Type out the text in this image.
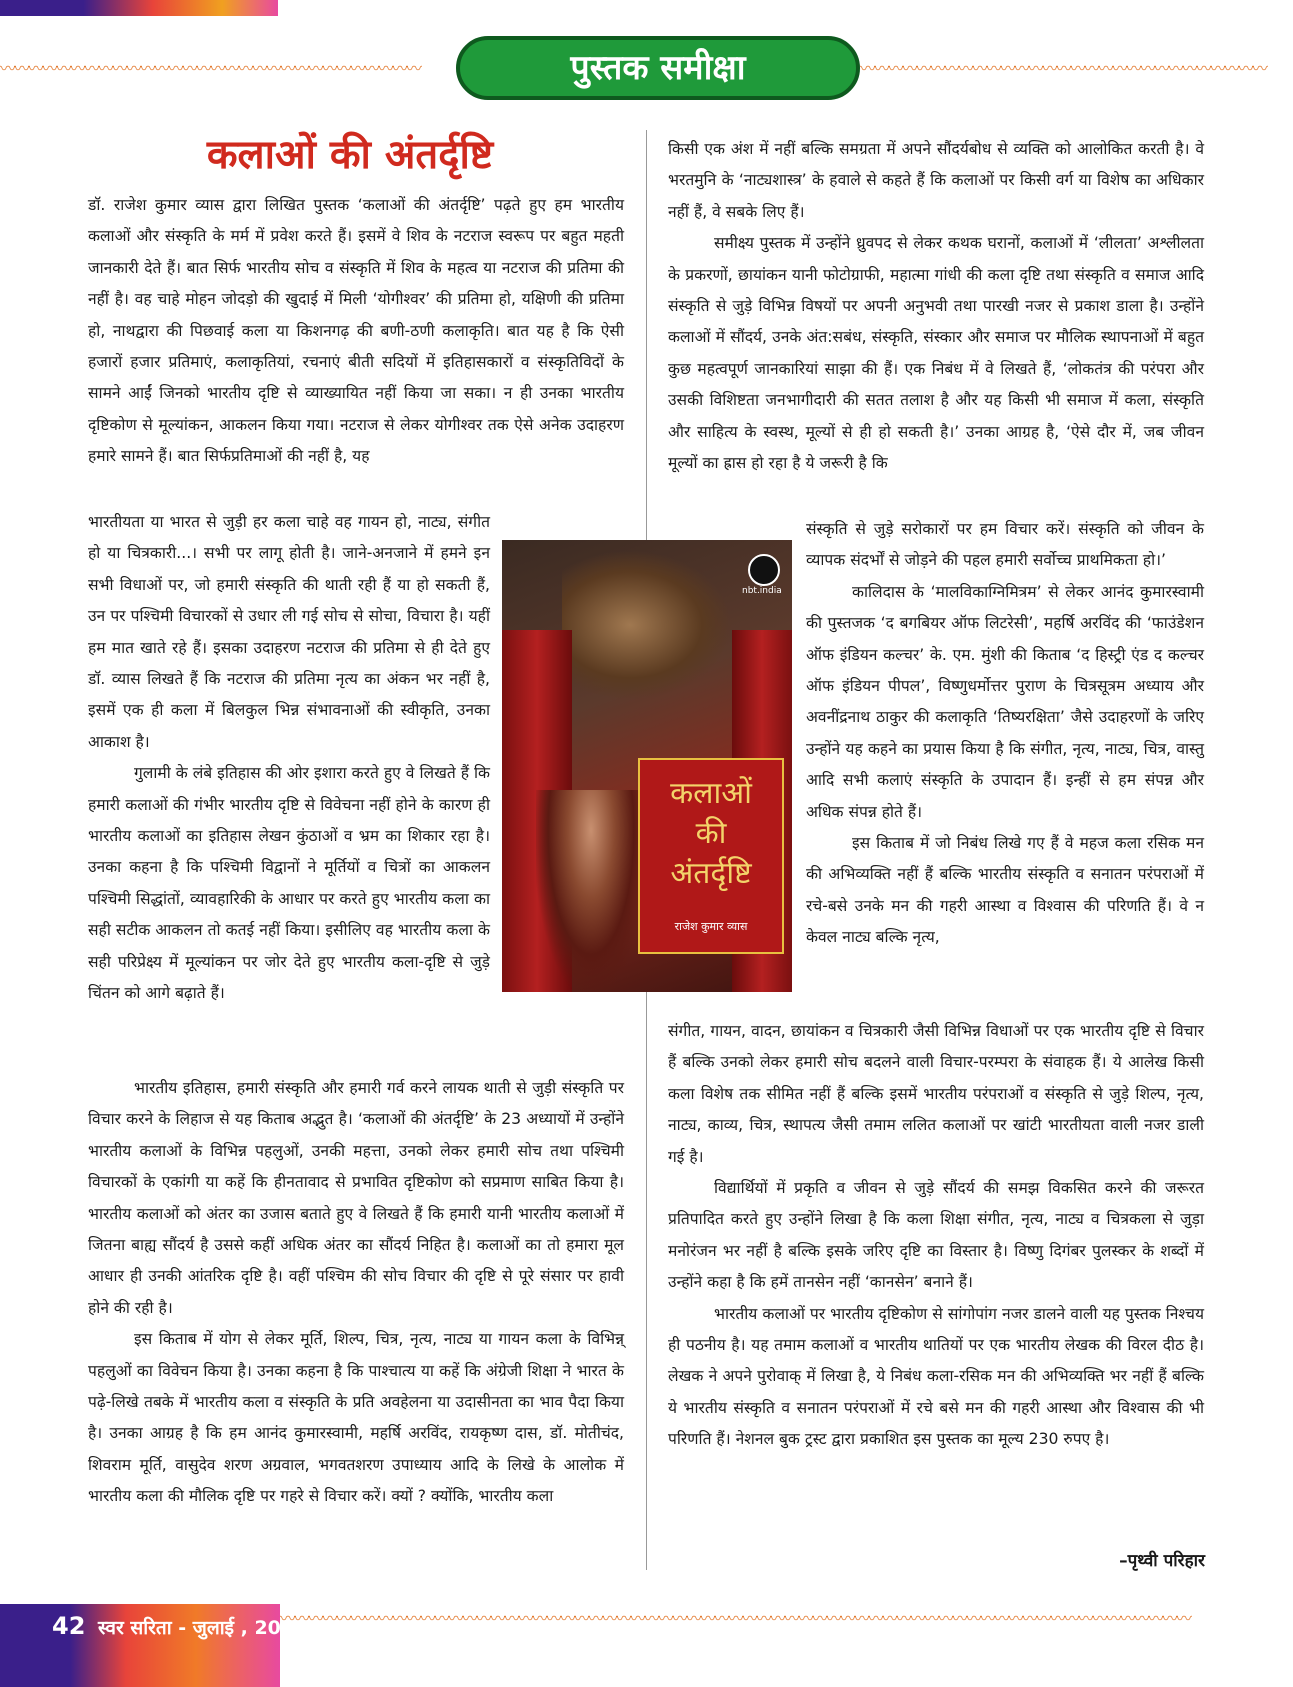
〰〰〰〰〰〰〰〰〰〰〰〰〰〰〰〰〰〰〰〰〰〰〰〰〰〰〰〰〰〰	〰〰〰〰〰〰〰〰〰〰〰〰〰〰〰〰〰〰〰〰〰〰〰〰〰〰〰〰〰
पुस्तक समीक्षा
कलाओं की अंतर्दृष्टि

डॉ. राजेश कुमार व्यास द्वारा लिखित पुस्तक ‘कलाओं की अंतर्दृष्टि’ पढ़ते हुए हम भारतीय कलाओं और संस्कृति के मर्म में प्रवेश करते हैं। इसमें वे शिव के नटराज स्वरूप पर बहुत महती जानकारी देते हैं। बात सिर्फ भारतीय सोच व संस्कृति में शिव के महत्व या नटराज की प्रतिमा की नहीं है। वह चाहे मोहन जोदड़ो की खुदाई में मिली ‘योगीश्वर’ की प्रतिमा हो, यक्षिणी की प्रतिमा हो, नाथद्वारा की पिछवाई कला या किशनगढ़ की बणी-ठणी कलाकृति। बात यह है कि ऐसी हजारों हजार प्रतिमाएं, कलाकृतियां, रचनाएं बीती सदियों में इतिहासकारों व संस्कृतिविदों के सामने आईं जिनको भारतीय दृष्टि से व्याख्यायित नहीं किया जा सका। न ही उनका भारतीय दृष्टिकोण से मूल्यांकन, आकलन किया गया। नटराज से लेकर योगीश्वर तक ऐसे अनेक उदाहरण हमारे सामने हैं। बात सिर्फप्रतिमाओं की नहीं है, यह

भारतीयता या भारत से जुड़ी हर कला चाहे वह गायन हो, नाट्य, संगीत हो या चित्रकारी...। सभी पर लागू होती है। जाने-अनजाने में हमने इन सभी विधाओं पर, जो हमारी संस्कृति की थाती रही हैं या हो सकती हैं, उन पर पश्चिमी विचारकों से उधार ली गई सोच से सोचा, विचारा है। यहीं हम मात खाते रहे हैं। इसका उदाहरण नटराज की प्रतिमा से ही देते हुए डॉ. व्यास लिखते हैं कि नटराज की प्रतिमा नृत्य का अंकन भर नहीं है, इसमें एक ही कला में बिलकुल भिन्न संभावनाओं की स्वीकृति, उनका आकाश है।

गुलामी के लंबे इतिहास की ओर इशारा करते हुए वे लिखते हैं कि हमारी कलाओं की गंभीर भारतीय दृष्टि से विवेचना नहीं होने के कारण ही भारतीय कलाओं का इतिहास लेखन कुंठाओं व भ्रम का शिकार रहा है। उनका कहना है कि पश्चिमी विद्वानों ने मूर्तियों व चित्रों का आकलन पश्चिमी सिद्धांतों, व्यावहारिकी के आधार पर करते हुए भारतीय कला का सही सटीक आकलन तो कतई नहीं किया। इसीलिए वह भारतीय कला के सही परिप्रेक्ष्य में मूल्यांकन पर जोर देते हुए भारतीय कला-दृष्टि से जुड़े चिंतन को आगे बढ़ाते हैं।

भारतीय इतिहास, हमारी संस्कृति और हमारी गर्व करने लायक थाती से जुड़ी संस्कृति पर विचार करने के लिहाज से यह किताब अद्भुत है। ‘कलाओं की अंतर्दृष्टि’ के 23 अध्यायों में उन्होंने भारतीय कलाओं के विभिन्न पहलुओं, उनकी महत्ता, उनको लेकर हमारी सोच तथा पश्चिमी विचारकों के एकांगी या कहें कि हीनतावाद से प्रभावित दृष्टिकोण को सप्रमाण साबित किया है। भारतीय कलाओं को अंतर का उजास बताते हुए वे लिखते हैं कि हमारी यानी भारतीय कलाओं में जितना बाह्य सौंदर्य है उससे कहीं अधिक अंतर का सौंदर्य निहित है। कलाओं का तो हमारा मूल आधार ही उनकी आंतरिक दृष्टि है। वहीं पश्चिम की सोच विचार की दृष्टि से पूरे संसार पर हावी होने की रही है।

इस किताब में योग से लेकर मूर्ति, शिल्प, चित्र, नृत्य, नाट्य या गायन कला के विभिन्न् पहलुओं का विवेचन किया है। उनका कहना है कि पाश्चात्य या कहें कि अंग्रेजी शिक्षा ने भारत के पढ़े-लिखे तबके में भारतीय कला व संस्कृति के प्रति अवहेलना या उदासीनता का भाव पैदा किया है। उनका आग्रह है कि हम आनंद कुमारस्वामी, महर्षि अरविंद, रायकृष्ण दास, डॉ. मोतीचंद, शिवराम मूर्ति, वासुदेव शरण अग्रवाल, भगवतशरण उपाध्याय आदि के लिखे के आलोक में भारतीय कला की मौलिक दृष्टि पर गहरे से विचार करें। क्यों ? क्योंकि, भारतीय कला

nbt.india
कलाओं
की
अंतर्दृष्टि
राजेश कुमार व्यास

किसी एक अंश में नहीं बल्कि समग्रता में अपने सौंदर्यबोध से व्यक्ति को आलोकित करती है। वे भरतमुनि के ‘नाट्यशास्त्र’ के हवाले से कहते हैं कि कलाओं पर किसी वर्ग या विशेष का अधिकार नहीं हैं, वे सबके लिए हैं।

समीक्ष्य पुस्तक में उन्होंने ध्रुवपद से लेकर कथक घरानों, कलाओं में ‘लीलता’ अश्लीलता के प्रकरणों, छायांकन यानी फोटोग्राफी, महात्मा गांधी की कला दृष्टि तथा संस्कृति व समाज आदि संस्कृति से जुड़े विभिन्न विषयों पर अपनी अनुभवी तथा पारखी नजर से प्रकाश डाला है। उन्होंने कलाओं में सौंदर्य, उनके अंत:सबंध, संस्कृति, संस्कार और समाज पर मौलिक स्थापनाओं में बहुत कुछ महत्वपूर्ण जानकारियां साझा की हैं। एक निबंध में वे लिखते हैं, ‘लोकतंत्र की परंपरा और उसकी विशिष्टता जनभागीदारी की सतत तलाश है और यह किसी भी समाज में कला, संस्कृति और साहित्य के स्वस्थ, मूल्यों से ही हो सकती है।’ उनका आग्रह है, ‘ऐसे दौर में, जब जीवन मूल्यों का ह्रास हो रहा है ये जरूरी है कि

संस्कृति से जुड़े सरोकारों पर हम विचार करें। संस्कृति को जीवन के व्यापक संदर्भों से जोड़ने की पहल हमारी सर्वोच्च प्राथमिकता हो।’

कालिदास के ‘मालविकाग्निमित्रम’ से लेकर आनंद कुमारस्वामी की पुस्तजक ‘द बगबियर ऑफ लिटरेसी’, महर्षि अरविंद की ‘फाउंडेशन ऑफ इंडियन कल्चर’ के. एम. मुंशी की किताब ‘द हिस्ट्री एंड द कल्चर ऑफ इंडियन पीपल’, विष्णुधर्मोत्तर पुराण के चित्रसूत्रम अध्याय और अवनींद्रनाथ ठाकुर की कलाकृति ‘तिष्यरक्षिता’ जैसे उदाहरणों के जरिए उन्होंने यह कहने का प्रयास किया है कि संगीत, नृत्य, नाट्य, चित्र, वास्तु आदि सभी कलाएं संस्कृति के उपादान हैं। इन्हीं से हम संपन्न और अधिक संपन्न होते हैं।

इस किताब में जो निबंध लिखे गए हैं वे महज कला रसिक मन की अभिव्यक्ति नहीं हैं बल्कि भारतीय संस्कृति व सनातन परंपराओं में रचे-बसे उनके मन की गहरी आस्था व विश्वास की परिणति हैं। वे न केवल नाट्य बल्कि नृत्य,

संगीत, गायन, वादन, छायांकन व चित्रकारी जैसी विभिन्न विधाओं पर एक भारतीय दृष्टि से विचार हैं बल्कि उनको लेकर हमारी सोच बदलने वाली विचार-परम्परा के संवाहक हैं। ये आलेख किसी कला विशेष तक सीमित नहीं हैं बल्कि इसमें भारतीय परंपराओं व संस्कृति से जुड़े शिल्प, नृत्य, नाट्य, काव्य, चित्र, स्थापत्य जैसी तमाम ललित कलाओं पर खांटी भारतीयता वाली नजर डाली गई है।

विद्यार्थियों में प्रकृति व जीवन से जुड़े सौंदर्य की समझ विकसित करने की जरूरत प्रतिपादित करते हुए उन्होंने लिखा है कि कला शिक्षा संगीत, नृत्य, नाट्य व चित्रकला से जुड़ा मनोरंजन भर नहीं है बल्कि इसके जरिए दृष्टि का विस्तार है। विष्णु दिगंबर पुलस्कर के शब्दों में उन्होंने कहा है कि हमें तानसेन नहीं ‘कानसेन’ बनाने हैं।

भारतीय कलाओं पर भारतीय दृष्टिकोण से सांगोपांग नजर डालने वाली यह पुस्तक निश्चय ही पठनीय है। यह तमाम कलाओं व भारतीय थातियों पर एक भारतीय लेखक की विरल दीठ है। लेखक ने अपने पुरोवाक् में लिखा है, ये निबंध कला-रसिक मन की अभिव्यक्ति भर नहीं हैं बल्कि ये भारतीय संस्कृति व सनातन परंपराओं में रचे बसे मन की गहरी आस्था और विश्वास की भी परिणति हैं। नेशनल बुक ट्रस्ट द्वारा प्रकाशित इस पुस्तक का मूल्य 230 रुपए है।

–पृथ्वी परिहार
42 स्वर सरिता - जुलाई , 2024
〰〰〰〰〰〰〰〰〰〰〰〰〰〰〰〰〰〰〰〰〰〰〰〰〰〰〰〰〰〰〰〰〰〰〰〰〰〰〰〰〰〰〰〰〰〰〰〰〰〰〰〰〰〰〰〰〰〰〰〰〰〰〰〰〰
